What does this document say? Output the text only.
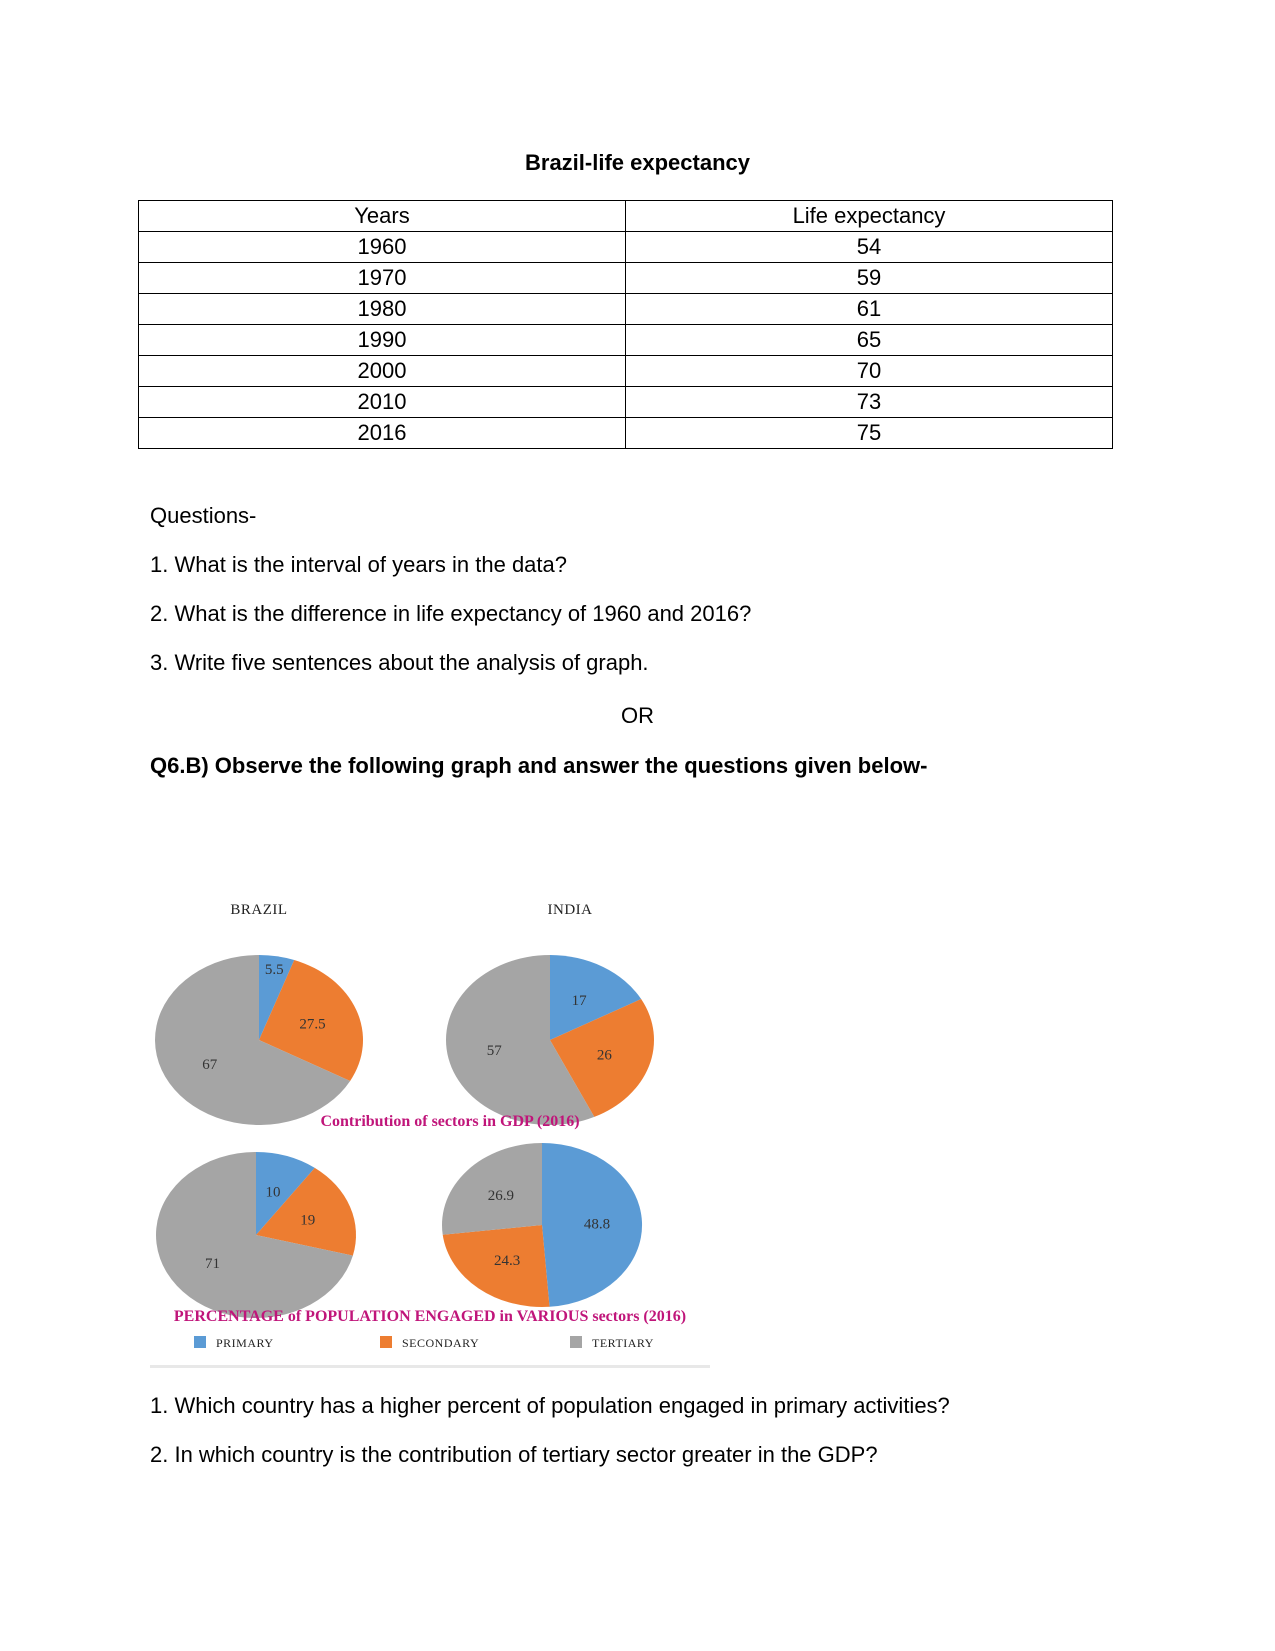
Brazil-life expectancy
Years	Life expectancy
1960	54
1970	59
1980	61
1990	65
2000	70
2010	73
2016	75
Questions-
1. What is the interval of years in the data?
2. What is the difference in life expectancy of 1960 and 2016?
3. Write five sentences about the analysis of graph.
OR
Q6.B) Observe the following graph and answer the questions given below-
BRAZIL	INDIA
5.5
27.5
67
17
26
57
Contribution of sectors in GDP (2016)
10
19
71
48.8
24.3
26.9
PERCENTAGE of POPULATION ENGAGED in VARIOUS sectors (2016)
PRIMARY	SECONDARY	TERTIARY
1. Which country has a higher percent of population engaged in primary activities?
2. In which country is the contribution of tertiary sector greater in the GDP?
